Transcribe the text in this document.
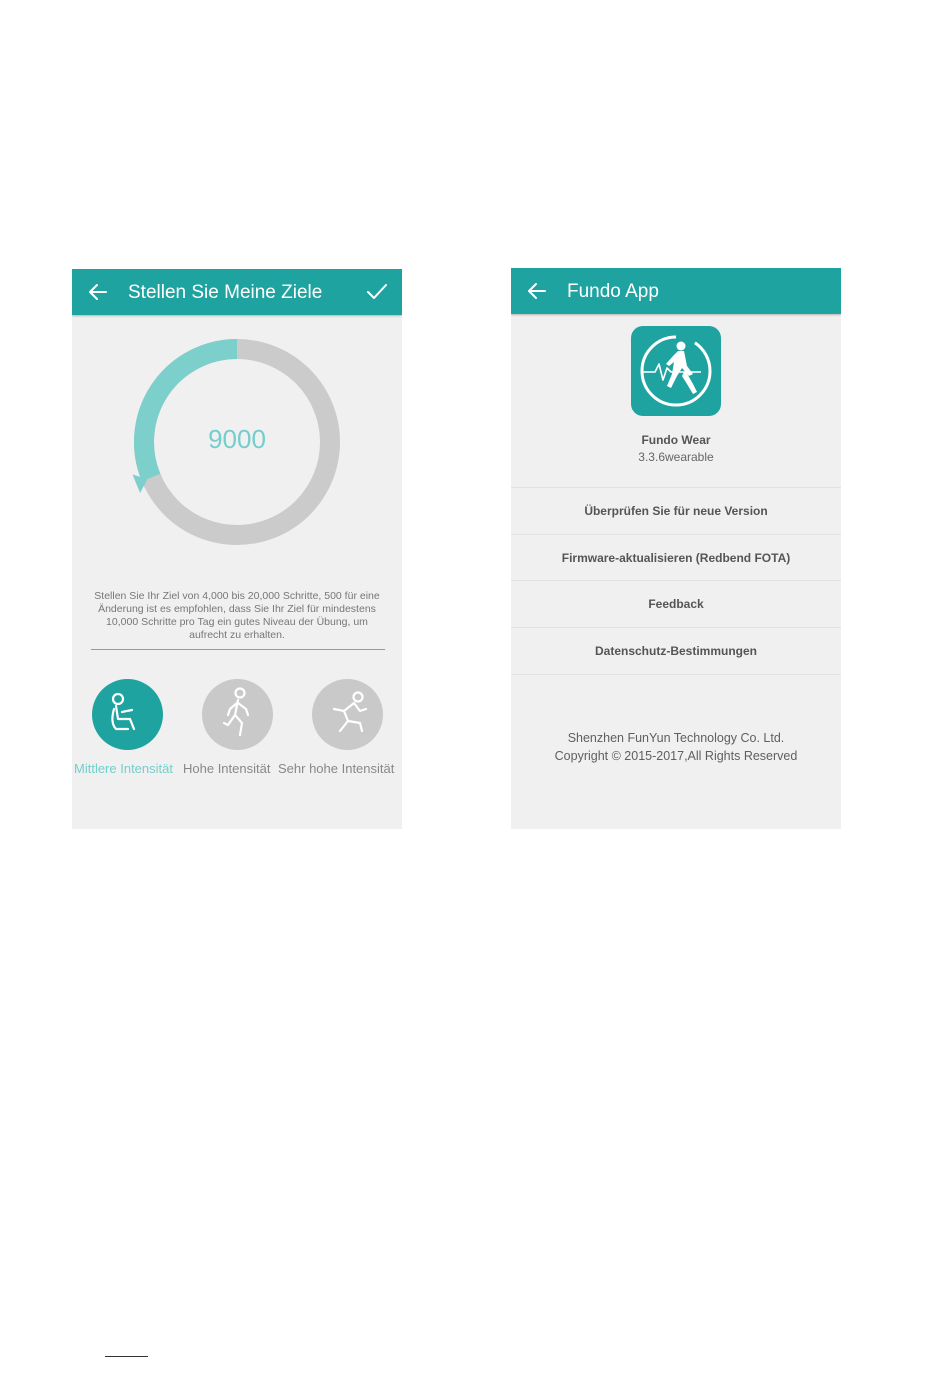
Stellen Sie Meine Ziele
9000
Stellen Sie Ihr Ziel von 4,000 bis 20,000 Schritte, 500 für eine Änderung ist es empfohlen, dass Sie Ihr Ziel für mindestens 10,000 Schritte pro Tag ein gutes Niveau der Übung, um aufrecht zu erhalten.
Mittlere Intensität Hohe Intensität Sehr hohe Intensität
Fundo App
Fundo Wear
3.3.6wearable
Überprüfen Sie für neue Version
Firmware-aktualisieren (Redbend FOTA)
Feedback
Datenschutz-Bestimmungen
Shenzhen FunYun Technology Co. Ltd.
Copyright © 2015-2017,All Rights Reserved
